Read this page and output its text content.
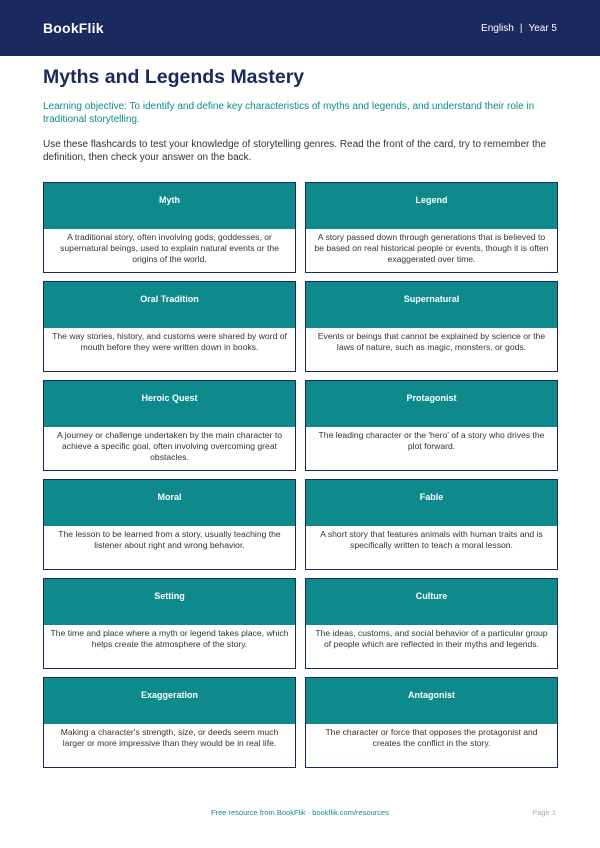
BookFlik	English | Year 5
Myths and Legends Mastery

Learning objective: To identify and define key characteristics of myths and legends, and understand their role in traditional storytelling.

Use these flashcards to test your knowledge of storytelling genres. Read the front of the card, try to remember the definition, then check your answer on the back.

Myth
A traditional story, often involving gods, goddesses, or supernatural beings, used to explain natural events or the origins of the world.
Legend
A story passed down through generations that is believed to be based on real historical people or events, though it is often exaggerated over time.
Oral Tradition
The way stories, history, and customs were shared by word of mouth before they were written down in books.
Supernatural
Events or beings that cannot be explained by science or the laws of nature, such as magic, monsters, or gods.
Heroic Quest
A journey or challenge undertaken by the main character to achieve a specific goal, often involving overcoming great obstacles.
Protagonist
The leading character or the 'hero' of a story who drives the plot forward.
Moral
The lesson to be learned from a story, usually teaching the listener about right and wrong behavior.
Fable
A short story that features animals with human traits and is specifically written to teach a moral lesson.
Setting
The time and place where a myth or legend takes place, which helps create the atmosphere of the story.
Culture
The ideas, customs, and social behavior of a particular group of people which are reflected in their myths and legends.
Exaggeration
Making a character's strength, size, or deeds seem much larger or more impressive than they would be in real life.
Antagonist
The character or force that opposes the protagonist and creates the conflict in the story.
Free resource from BookFlik · bookflik.com/resources	Page 1
